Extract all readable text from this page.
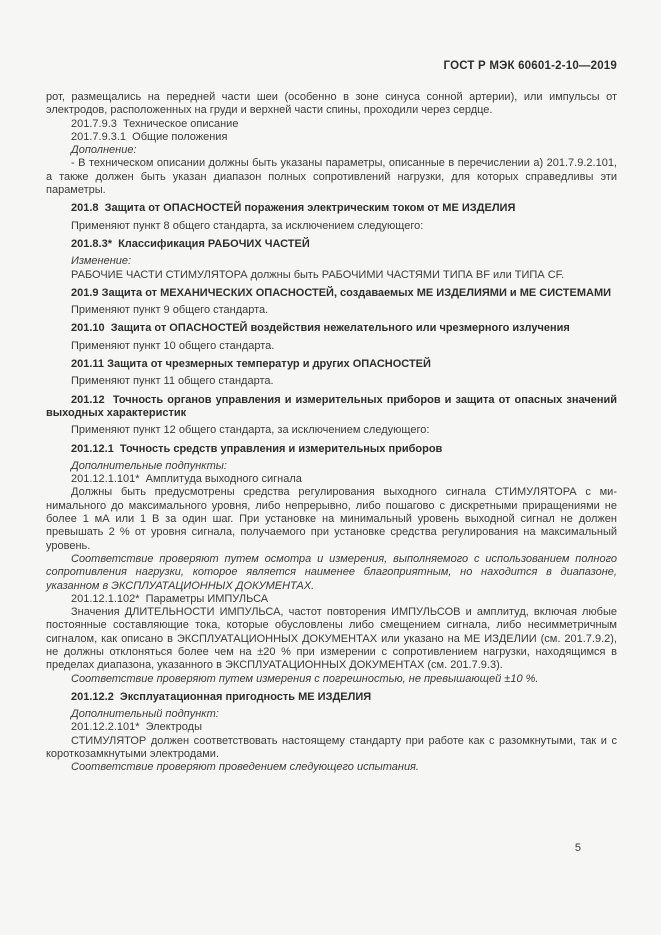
ГОСТ Р МЭК 60601-2-10—2019

рот, размещались на передней части шеи (особенно в зоне синуса сонной артерии), или импульсы от электродов, расположенных на груди и верхней части спины, проходили через сердце.

201.7.9.3  Техническое описание

201.7.9.3.1  Общие положения

Дополнение:

- В техническом описании должны быть указаны параметры, описанные в перечислении а) 201.7.9.2.101, а также должен быть указан диапазон полных сопротивлений нагрузки, для которых справедливы эти параметры.

201.8  Защита от ОПАСНОСТЕЙ поражения электрическим током от МЕ ИЗДЕЛИЯ

Применяют пункт 8 общего стандарта, за исключением следующего:

201.8.3*  Классификация РАБОЧИХ ЧАСТЕЙ

Изменение:

РАБОЧИЕ ЧАСТИ СТИМУЛЯТОРА должны быть РАБОЧИМИ ЧАСТЯМИ ТИПА BF или ТИПА CF.

201.9 Защита от МЕХАНИЧЕСКИХ ОПАСНОСТЕЙ, создаваемых МЕ ИЗДЕЛИЯМИ и МЕ СИСТЕМАМИ

Применяют пункт 9 общего стандарта.

201.10  Защита от ОПАСНОСТЕЙ воздействия нежелательного или чрезмерного излучения

Применяют пункт 10 общего стандарта.

201.11 Защита от чрезмерных температур и других ОПАСНОСТЕЙ

Применяют пункт 11 общего стандарта.

201.12  Точность органов управления и измерительных приборов и защита от опасных значений выходных характеристик

Применяют пункт 12 общего стандарта, за исключением следующего:

201.12.1  Точность средств управления и измерительных приборов

Дополнительные подпункты:

201.12.1.101*  Амплитуда выходного сигнала

Должны быть предусмотрены средства регулирования выходного сигнала СТИМУЛЯТОРА с минимального до максимального уровня, либо непрерывно, либо пошагово с дискретными приращениями не более 1 мА или 1 В за один шаг. При установке на минимальный уровень выходной сигнал не должен превышать 2 % от уровня сигнала, получаемого при установке средства регулирования на максимальный уровень.

Соответствие проверяют путем осмотра и измерения, выполняемого с использованием полного сопротивления нагрузки, которое является наименее благоприятным, но находится в диапазоне, указанном в ЭКСПЛУАТАЦИОННЫХ ДОКУМЕНТАХ.

201.12.1.102*  Параметры ИМПУЛЬСА

Значения ДЛИТЕЛЬНОСТИ ИМПУЛЬСА, частот повторения ИМПУЛЬСОВ и амплитуд, включая любые постоянные составляющие тока, которые обусловлены либо смещением сигнала, либо несимметричным сигналом, как описано в ЭКСПЛУАТАЦИОННЫХ ДОКУМЕНТАХ или указано на МЕ ИЗДЕЛИИ (см. 201.7.9.2), не должны отклоняться более чем на ±20 % при измерении с сопротивлением нагрузки, находящимся в пределах диапазона, указанного в ЭКСПЛУАТАЦИОННЫХ ДОКУМЕНТАХ (см. 201.7.9.3).

Соответствие проверяют путем измерения с погрешностью, не превышающей ±10 %.

201.12.2  Эксплуатационная пригодность МЕ ИЗДЕЛИЯ

Дополнительный подпункт:

201.12.2.101*  Электроды

СТИМУЛЯТОР должен соответствовать настоящему стандарту при работе как с разомкнутыми, так и с короткозамкнутыми электродами.

Соответствие проверяют проведением следующего испытания.

5
